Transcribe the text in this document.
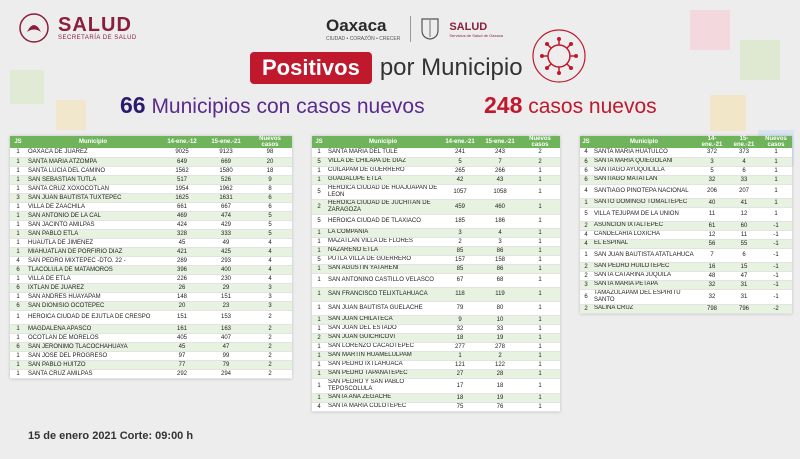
SALUD
SECRETARÍA DE SALUD
Oaxaca
CIUDAD • CORAZÓN • CRECER
SALUD
Servicios de Salud de Oaxaca
Positivos por Municipio
66 Municipios con casos nuevos	248 casos nuevos
JS	Municipio	14-ene.-12	15-ene.-21	Nuevos casos
1	OAXACA DE JUAREZ	9025	9123	98
1	SANTA MARIA ATZOMPA	649	669	20
1	SANTA LUCIA DEL CAMINO	1562	1580	18
1	SAN SEBASTIAN TUTLA	517	526	9
1	SANTA CRUZ XOXOCOTLAN	1954	1962	8
3	SAN JUAN BAUTISTA TUXTEPEC	1625	1631	6
1	VILLA DE ZAACHILA	661	667	6
1	SAN ANTONIO DE LA CAL	469	474	5
1	SAN JACINTO AMILPAS	424	429	5
1	SAN PABLO ETLA	328	333	5
1	HUAUTLA DE JIMENEZ	45	49	4
1	MIAHUATLAN DE PORFIRIO DIAZ	421	425	4
4	SAN PEDRO MIXTEPEC -DTO. 22 -	289	293	4
6	TLACOLULA DE MATAMOROS	396	400	4
1	VILLA DE ETLA	226	230	4
6	IXTLAN DE JUAREZ	26	29	3
1	SAN ANDRES HUAYAPAM	148	151	3
6	SAN DIONISIO OCOTEPEC	20	23	3
1	HEROICA CIUDAD DE EJUTLA DE CRESPO	151	153	2
1	MAGDALENA APASCO	161	163	2
1	OCOTLAN DE MORELOS	405	407	2
6	SAN JERONIMO TLACOCHAHUAYA	45	47	2
1	SAN JOSE DEL PROGRESO	97	99	2
1	SAN PABLO HUITZO	77	79	2
1	SANTA CRUZ AMILPAS	292	294	2
JS	Municipio	14-ene.-21	15-ene.-21	Nuevos casos
1	SANTA MARIA DEL TULE	241	243	2
5	VILLA DE CHILAPA DE DIAZ	5	7	2
1	CUILAPAM DE GUERRERO	265	266	1
1	GUADALUPE ETLA	42	43	1
5	HEROICA CIUDAD DE HUAJUAPAN DE LEON	1057	1058	1
2	HEROICA CIUDAD DE JUCHITAN DE ZARAGOZA	459	460	1
5	HEROICA CIUDAD DE TLAXIACO	185	186	1
1	LA COMPAÑIA	3	4	1
1	MAZATLAN VILLA DE FLORES	2	3	1
1	NAZARENO ETLA	85	86	1
5	PUTLA VILLA DE GUERRERO	157	158	1
1	SAN AGUSTIN YATARENI	85	86	1
1	SAN ANTONINO CASTILLO VELASCO	67	68	1
1	SAN FRANCISCO TELIXTLAHUACA	118	119	1
1	SAN JUAN BAUTISTA GUELACHE	79	80	1
1	SAN JUAN CHILATECA	9	10	1
1	SAN JUAN DEL ESTADO	32	33	1
2	SAN JUAN GUICHICOVI	18	19	1
1	SAN LORENZO CACAOTEPEC	277	278	1
1	SAN MARTIN HUAMELULPAM	1	2	1
1	SAN PEDRO IXTLAHUACA	121	122	1
1	SAN PEDRO TAPANATEPEC	27	28	1
1	SAN PEDRO Y SAN PABLO TEPOSCOLULA	17	18	1
1	SANTA ANA ZEGACHE	18	19	1
4	SANTA MARIA COLOTEPEC	75	76	1
JS	Municipio	14-ene.-21	15-ene.-21	Nuevos casos
4	SANTA MARIA HUATULCO	372	373	1
6	SANTA MARIA QUIEGOLANI	3	4	1
6	SANTIAGO AYUQUILILLA	5	6	1
6	SANTIAGO MATATLAN	32	33	1
4	SANTIAGO PINOTEPA NACIONAL	206	207	1
1	SANTO DOMINGO TOMALTEPEC	40	41	1
5	VILLA TEJUPAM DE LA UNION	11	12	1
2	ASUNCION IXTALTEPEC	61	60	-1
4	CANDELARIA LOXICHA	12	11	-1
4	EL ESPINAL	56	55	-1
1	SAN JUAN BAUTISTA ATATLAHUCA	7	6	-1
2	SAN PEDRO HUILOTEPEC	16	15	-1
2	SANTA CATARINA JUQUILA	48	47	-1
3	SANTA MARIA PETAPA	32	31	-1
6	TAMAZULAPAM DEL ESPIRITU SANTO	32	31	-1
2	SALINA CRUZ	798	796	-2
15 de enero 2021 Corte: 09:00 h
